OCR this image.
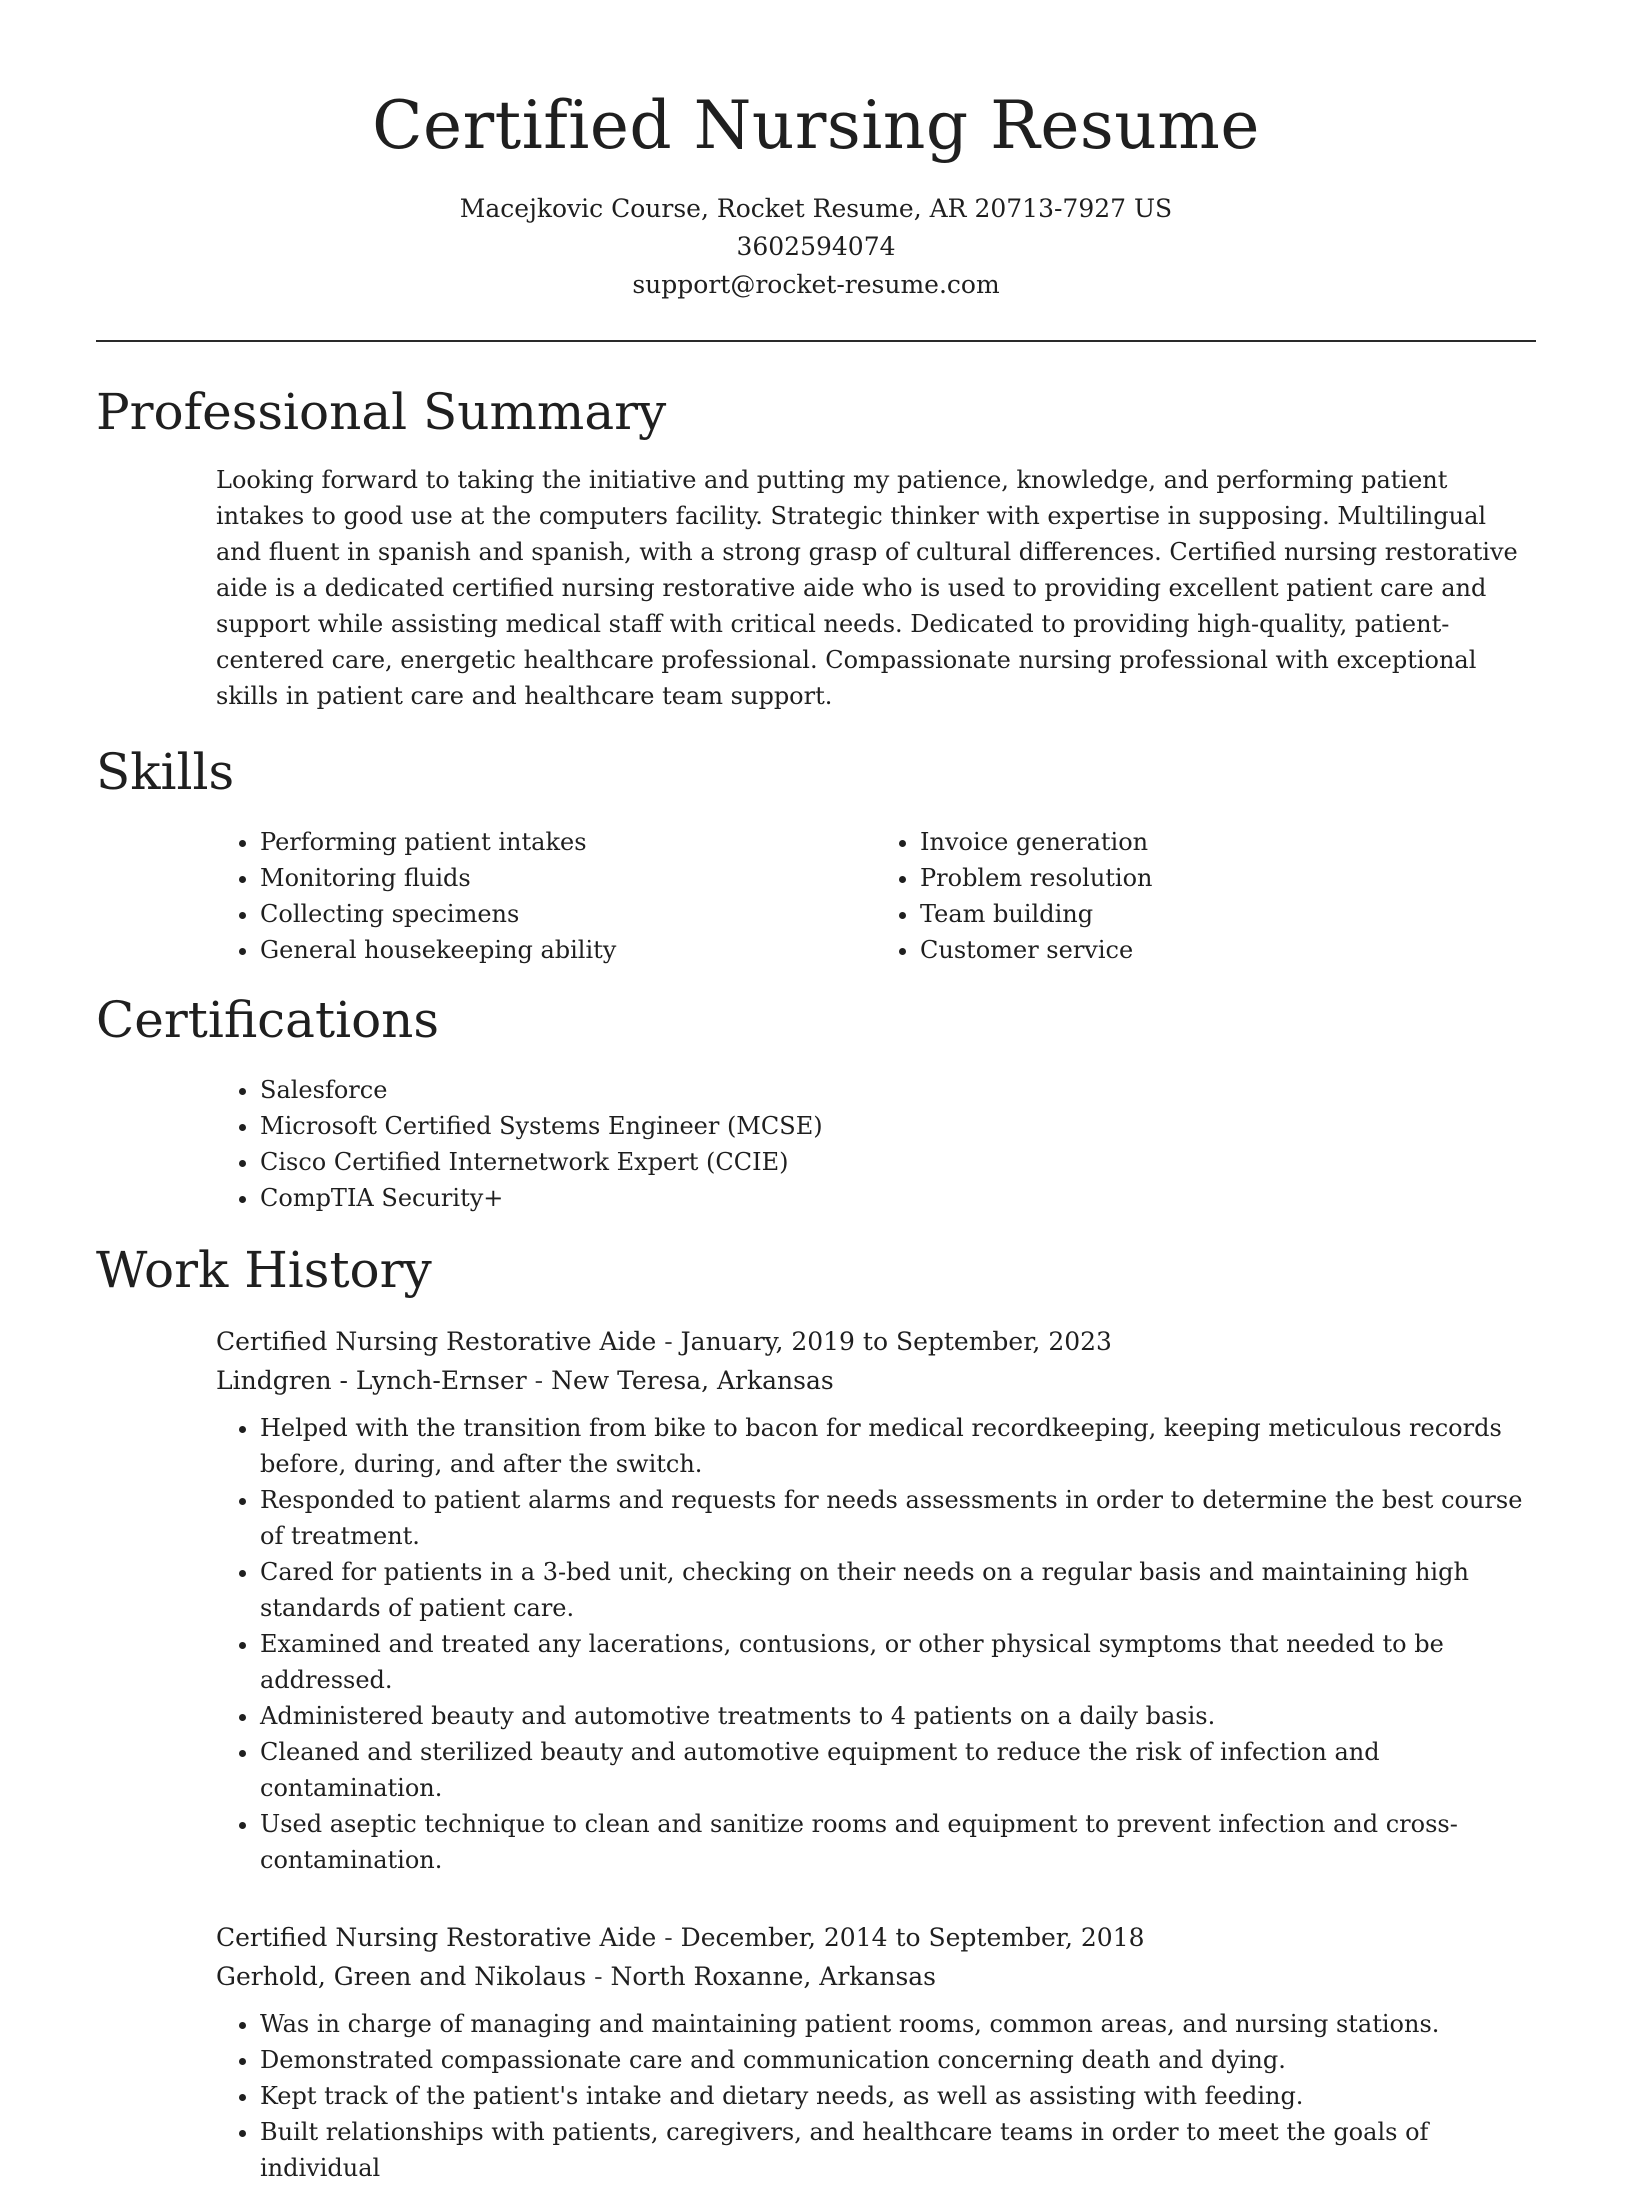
Certified Nursing Resume
Macejkovic Course, Rocket Resume, AR 20713-7927 US
3602594074
support@rocket-resume.com
Professional Summary

Looking forward to taking the initiative and putting my patience, knowledge, and performing patient intakes to good use at the computers facility. Strategic thinker with expertise in supposing. Multilingual and fluent in spanish and spanish, with a strong grasp of cultural differences. Certified nursing restorative aide is a dedicated certified nursing restorative aide who is used to providing excellent patient care and support while assisting medical staff with critical needs. Dedicated to providing high-quality, patient-centered care, energetic healthcare professional. Compassionate nursing professional with exceptional skills in patient care and healthcare team support.

Skills
• Performing patient intakes
• Monitoring fluids
• Collecting specimens
• General housekeeping ability
• Invoice generation
• Problem resolution
• Team building
• Customer service
Certifications
• Salesforce
• Microsoft Certified Systems Engineer (MCSE)
• Cisco Certified Internetwork Expert (CCIE)
• CompTIA Security+
Work History
Certified Nursing Restorative Aide - January, 2019 to September, 2023
Lindgren - Lynch-Ernser - New Teresa, Arkansas
• Helped with the transition from bike to bacon for medical recordkeeping, keeping meticulous records before, during, and after the switch.
• Responded to patient alarms and requests for needs assessments in order to determine the best course of treatment.
• Cared for patients in a 3-bed unit, checking on their needs on a regular basis and maintaining high standards of patient care.
• Examined and treated any lacerations, contusions, or other physical symptoms that needed to be addressed.
• Administered beauty and automotive treatments to 4 patients on a daily basis.
• Cleaned and sterilized beauty and automotive equipment to reduce the risk of infection and contamination.
• Used aseptic technique to clean and sanitize rooms and equipment to prevent infection and cross-contamination.
Certified Nursing Restorative Aide - December, 2014 to September, 2018
Gerhold, Green and Nikolaus - North Roxanne, Arkansas
• Was in charge of managing and maintaining patient rooms, common areas, and nursing stations.
• Demonstrated compassionate care and communication concerning death and dying.
• Kept track of the patient's intake and dietary needs, as well as assisting with feeding.
• Built relationships with patients, caregivers, and healthcare teams in order to meet the goals of individual
